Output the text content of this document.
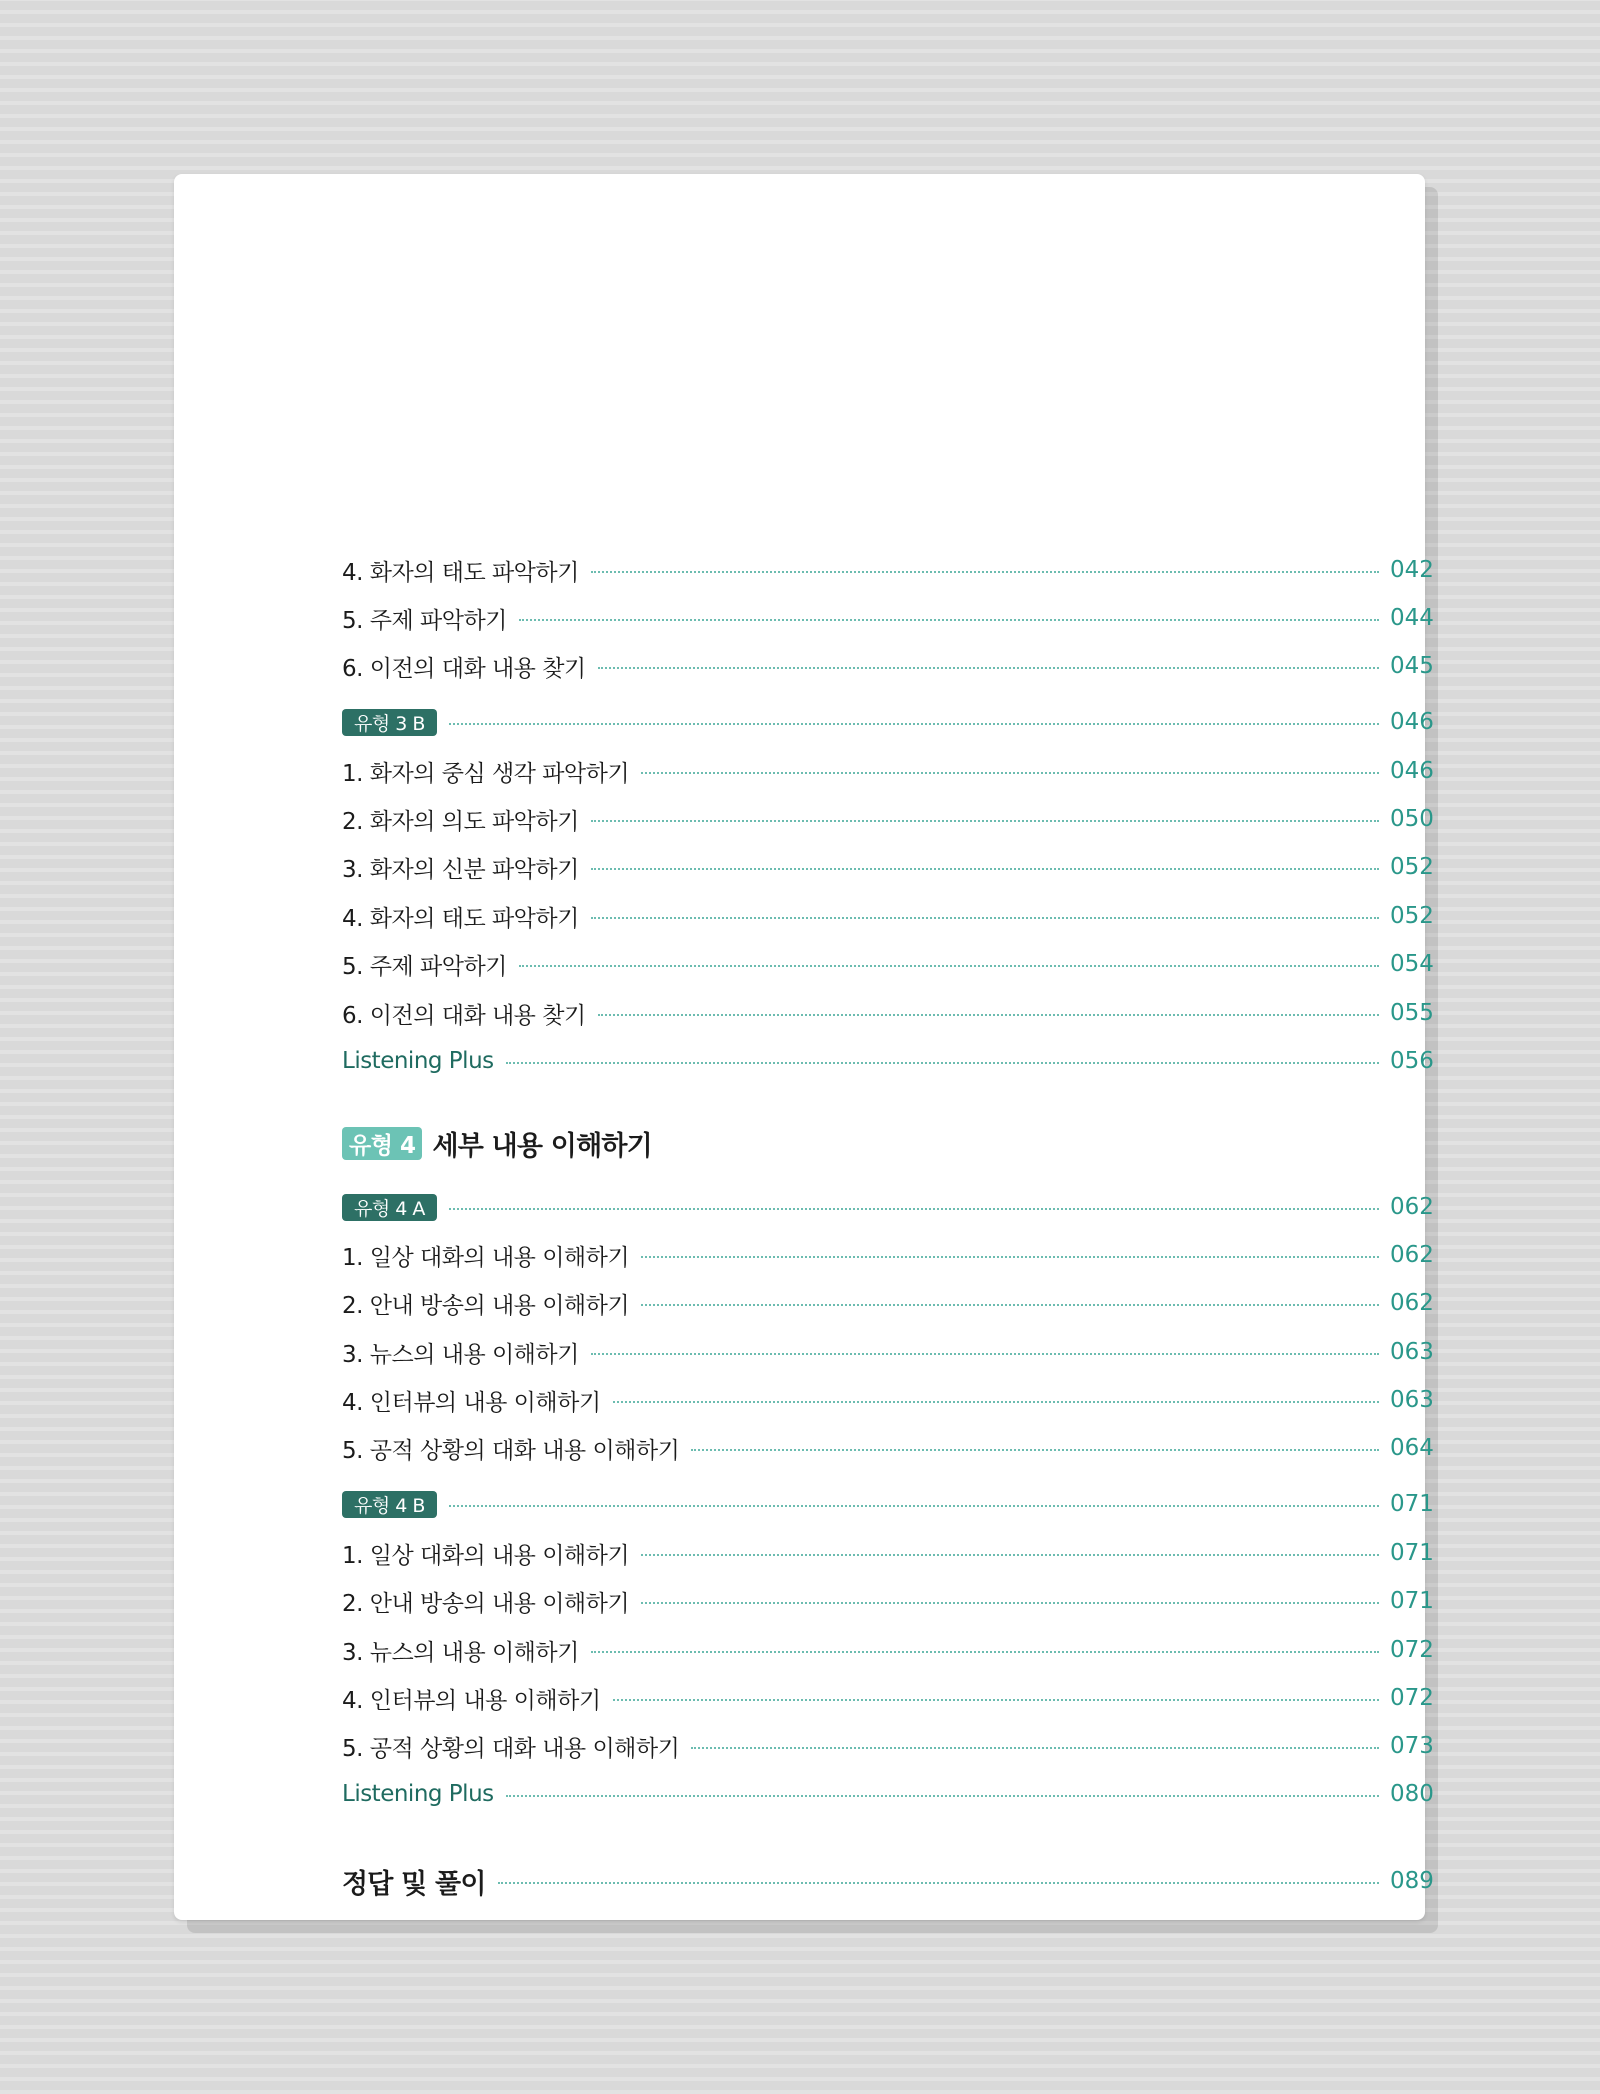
4. 화자의 태도 파악하기	042
5. 주제 파악하기	044
6. 이전의 대화 내용 찾기	045
유형 3 B	046
1. 화자의 중심 생각 파악하기	046
2. 화자의 의도 파악하기	050
3. 화자의 신분 파악하기	052
4. 화자의 태도 파악하기	052
5. 주제 파악하기	054
6. 이전의 대화 내용 찾기	055
Listening Plus	056
유형 4 세부 내용 이해하기
유형 4 A	062
1. 일상 대화의 내용 이해하기	062
2. 안내 방송의 내용 이해하기	062
3. 뉴스의 내용 이해하기	063
4. 인터뷰의 내용 이해하기	063
5. 공적 상황의 대화 내용 이해하기	064
유형 4 B	071
1. 일상 대화의 내용 이해하기	071
2. 안내 방송의 내용 이해하기	071
3. 뉴스의 내용 이해하기	072
4. 인터뷰의 내용 이해하기	072
5. 공적 상황의 대화 내용 이해하기	073
Listening Plus	080
정답 및 풀이	089
